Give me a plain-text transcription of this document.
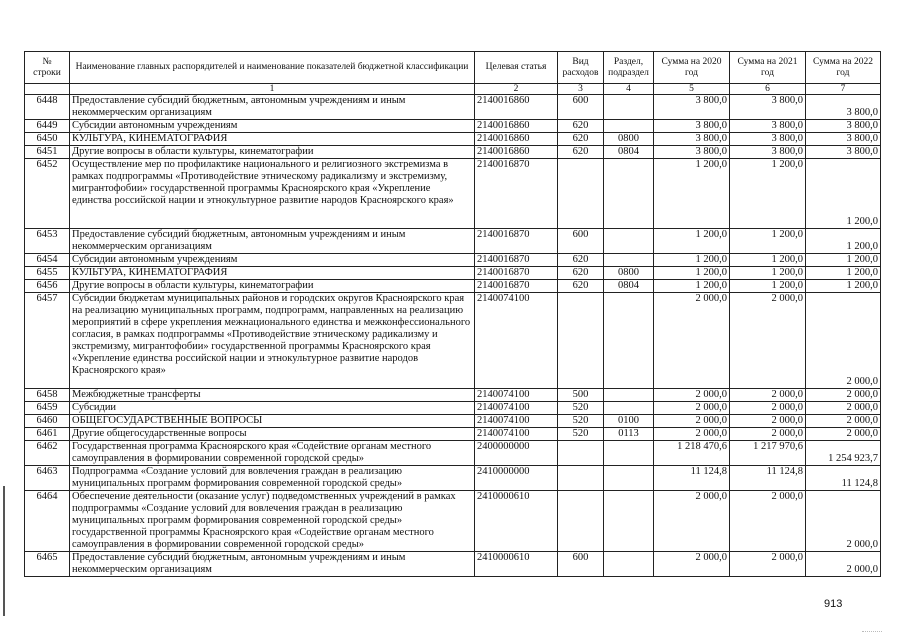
№
строки	Наименование главных распорядителей и наименование показателей бюджетной классификации	Целевая статья	Вид расходов	Раздел, подраздел	Сумма на 2020 год	Сумма на 2021 год	Сумма на 2022 год
	1	2	3	4	5	6	7
6448	Предоставление субсидий бюджетным, автономным учреждениям и иным некоммерческим организациям	2140016860	600		3 800,0	3 800,0	3 800,0
6449	Субсидии автономным учреждениям	2140016860	620		3 800,0	3 800,0	3 800,0
6450	КУЛЬТУРА, КИНЕМАТОГРАФИЯ	2140016860	620	0800	3 800,0	3 800,0	3 800,0
6451	Другие вопросы в области культуры, кинематографии	2140016860	620	0804	3 800,0	3 800,0	3 800,0
6452	Осуществление мер по профилактике национального и религиозного экстремизма в рамках подпрограммы «Противодействие этническому радикализму и экстремизму, мигрантофобии» государственной программы Красноярского края «Укрепление единства российской нации и этнокультурное развитие народов Красноярского края»	2140016870			1 200,0	1 200,0	1 200,0
6453	Предоставление субсидий бюджетным, автономным учреждениям и иным некоммерческим организациям	2140016870	600		1 200,0	1 200,0	1 200,0
6454	Субсидии автономным учреждениям	2140016870	620		1 200,0	1 200,0	1 200,0
6455	КУЛЬТУРА, КИНЕМАТОГРАФИЯ	2140016870	620	0800	1 200,0	1 200,0	1 200,0
6456	Другие вопросы в области культуры, кинематографии	2140016870	620	0804	1 200,0	1 200,0	1 200,0
6457	Субсидии бюджетам муниципальных районов и городских округов Красноярского края на реализацию муниципальных программ, подпрограмм, направленных на реализацию мероприятий в сфере укрепления межнационального единства и межконфессионального согласия, в рамках подпрограммы «Противодействие этническому радикализму и экстремизму, мигрантофобии» государственной программы Красноярского края «Укрепление единства российской нации и этнокультурное развитие народов Красноярского края»	2140074100			2 000,0	2 000,0	2 000,0
6458	Межбюджетные трансферты	2140074100	500		2 000,0	2 000,0	2 000,0
6459	Субсидии	2140074100	520		2 000,0	2 000,0	2 000,0
6460	ОБЩЕГОСУДАРСТВЕННЫЕ ВОПРОСЫ	2140074100	520	0100	2 000,0	2 000,0	2 000,0
6461	Другие общегосударственные вопросы	2140074100	520	0113	2 000,0	2 000,0	2 000,0
6462	Государственная программа Красноярского края «Содействие органам местного самоуправления в формировании современной городской среды»	2400000000			1 218 470,6	1 217 970,6	1 254 923,7
6463	Подпрограмма «Создание условий для вовлечения граждан в реализацию муниципальных программ формирования современной городской среды»	2410000000			11 124,8	11 124,8	11 124,8
6464	Обеспечение деятельности (оказание услуг) подведомственных учреждений в рамках подпрограммы «Создание условий для вовлечения граждан в реализацию муниципальных программ формирования современной городской среды» государственной программы Красноярского края «Содействие органам местного самоуправления в формировании современной городской среды»	2410000610			2 000,0	2 000,0	2 000,0
6465	Предоставление субсидий бюджетным, автономным учреждениям и иным некоммерческим организациям	2410000610	600		2 000,0	2 000,0	2 000,0
913
